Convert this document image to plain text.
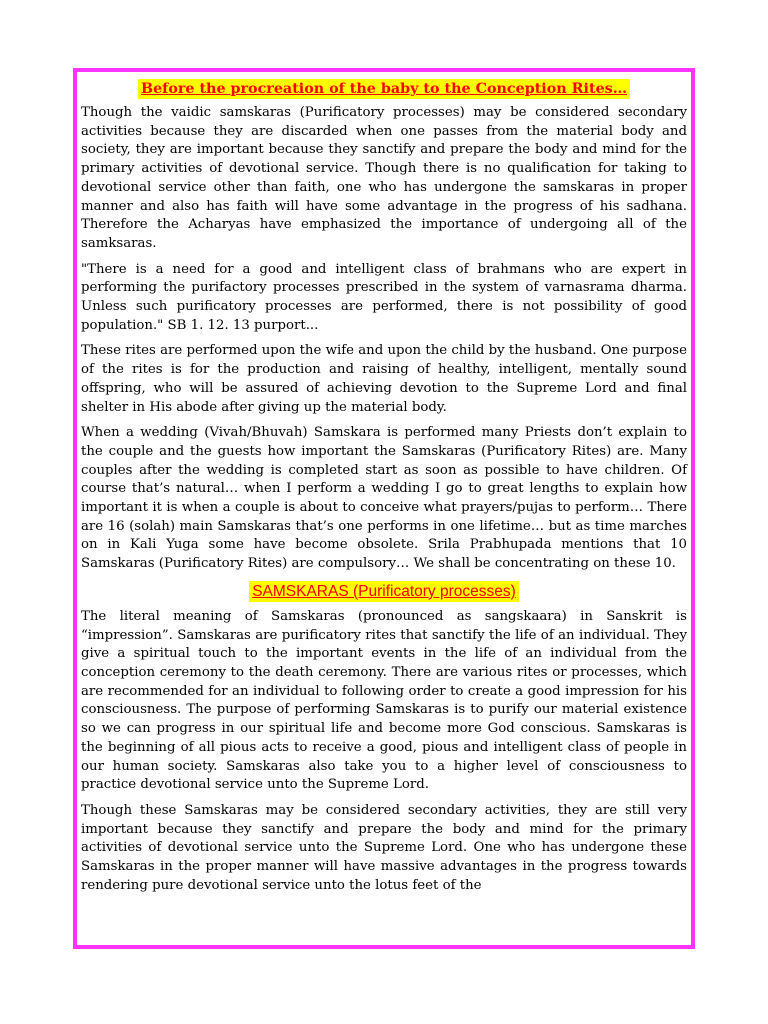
Before the procreation of the baby to the Conception Rites…

Though the vaidic samskaras (Purificatory processes) may be considered secondary activities because they are discarded when one passes from the material body and society, they are important because they sanctify and prepare the body and mind for the primary activities of devotional service. Though there is no qualification for taking to devotional service other than faith, one who has undergone the samskaras in proper manner and also has faith will have some advantage in the progress of his sadhana. Therefore the Acharyas have emphasized the importance of undergoing all of the samksaras.

"There is a need for a good and intelligent class of brahmans who are expert in performing the purifactory processes prescribed in the system of varnasrama dharma. Unless such purificatory processes are performed, there is not possibility of good population." SB 1. 12. 13 purport...

These rites are performed upon the wife and upon the child by the husband. One purpose of the rites is for the production and raising of healthy, intelligent, mentally sound offspring, who will be assured of achieving devotion to the Supreme Lord and final shelter in His abode after giving up the material body.

When a wedding (Vivah/Bhuvah) Samskara is performed many Priests don’t explain to the couple and the guests how important the Samskaras (Purificatory Rites) are. Many couples after the wedding is completed start as soon as possible to have children. Of course that’s natural… when I perform a wedding I go to great lengths to explain how important it is when a couple is about to conceive what prayers/pujas to perform… There are 16 (solah) main Samskaras that’s one performs in one lifetime… but as time marches on in Kali Yuga some have become obsolete. Srila Prabhupada mentions that 10 Samskaras (Purificatory Rites) are compulsory… We shall be concentrating on these 10.

SAMSKARAS (Purificatory processes)

The literal meaning of Samskaras (pronounced as sangskaara) in Sanskrit is “impression”. Samskaras are purificatory rites that sanctify the life of an individual. They give a spiritual touch to the important events in the life of an individual from the conception ceremony to the death ceremony. There are various rites or processes, which are recommended for an individual to following order to create a good impression for his consciousness. The purpose of performing Samskaras is to purify our material existence so we can progress in our spiritual life and become more God conscious. Samskaras is the beginning of all pious acts to receive a good, pious and intelligent class of people in our human society. Samskaras also take you to a higher level of consciousness to practice devotional service unto the Supreme Lord.

Though these Samskaras may be considered secondary activities, they are still very important because they sanctify and prepare the body and mind for the primary activities of devotional service unto the Supreme Lord. One who has undergone these Samskaras in the proper manner will have massive advantages in the progress towards rendering pure devotional service unto the lotus feet of the
